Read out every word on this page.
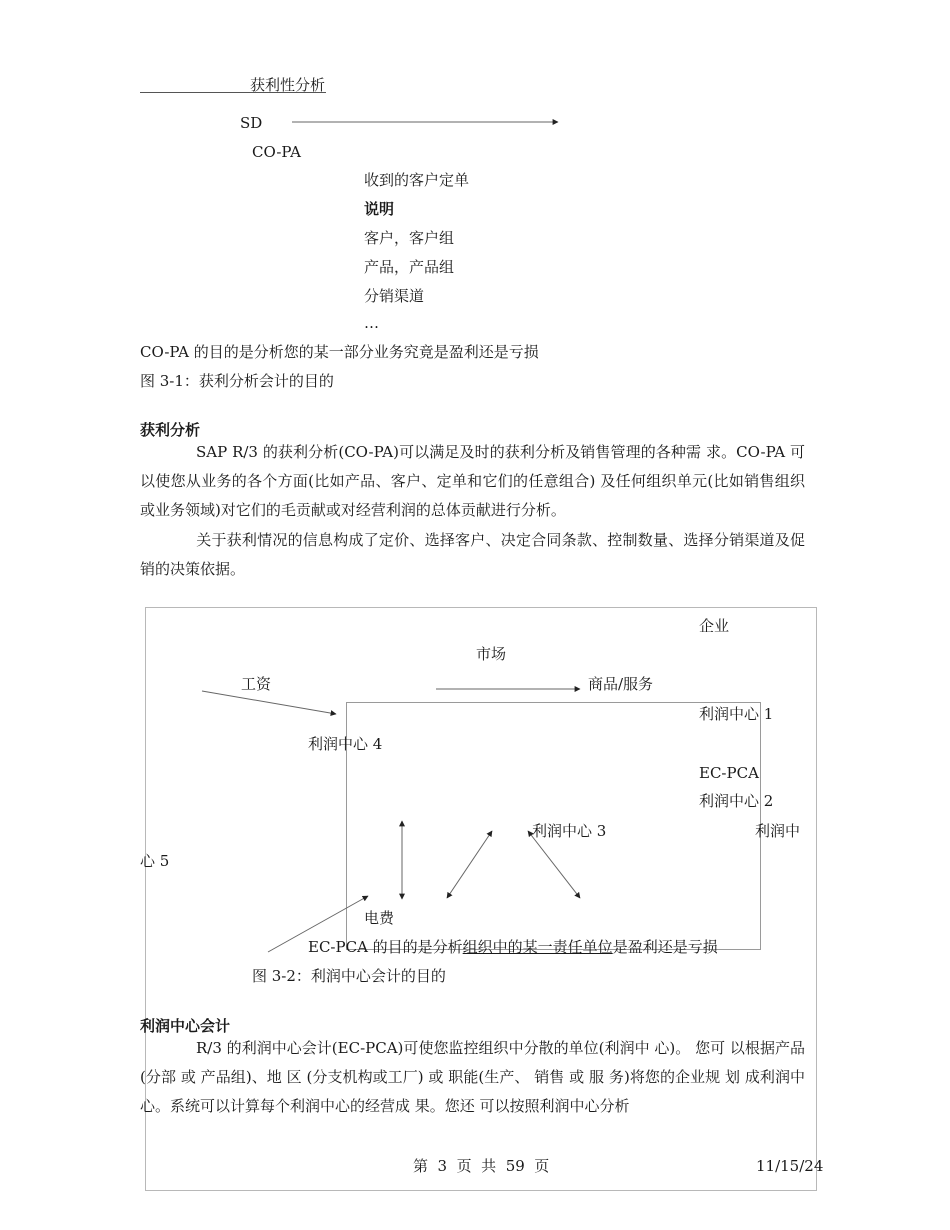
获利性分析
SD
CO-PA
收到的客户定单
说明
客户，客户组
产品，产品组
分销渠道
…
CO-PA 的目的是分析您的某一部分业务究竟是盈利还是亏损
图 3-1：获利分析会计的目的
获利分析
SAP R/3 的获利分析(CO-PA)可以满足及时的获利分析及销售管理的各种需 求。CO-PA 可以使您从业务的各个方面(比如产品、客户、定单和它们的任意组合) 及任何组织单元(比如销售组织或业务领域)对它们的毛贡献或对经营利润的总体贡献进行分析。
关于获利情况的信息构成了定价、选择客户、决定合同条款、控制数量、选择分销渠道及促销的决策依据。
企业
市场
工资	商品/服务
利润中心 1
利润中心 4
EC-PCA
利润中心 2
利润中心 3	利润中
心 5
电费
EC-PCA 的目的是分析组织中的某一责任单位是盈利还是亏损
图 3-2：利润中心会计的目的
利润中心会计
R/3 的利润中心会计(EC-PCA)可使您监控组织中分散的单位(利润中 心)。 您可 以根据产品(分部 或 产品组)、地 区 (分支机构或工厂) 或 职能(生产、 销售 或 服 务)将您的企业规 划 成利润中心。系统可以计算每个利润中心的经营成 果。您还 可以按照利润中心分析
第  3  页  共  59  页	11/15/24
